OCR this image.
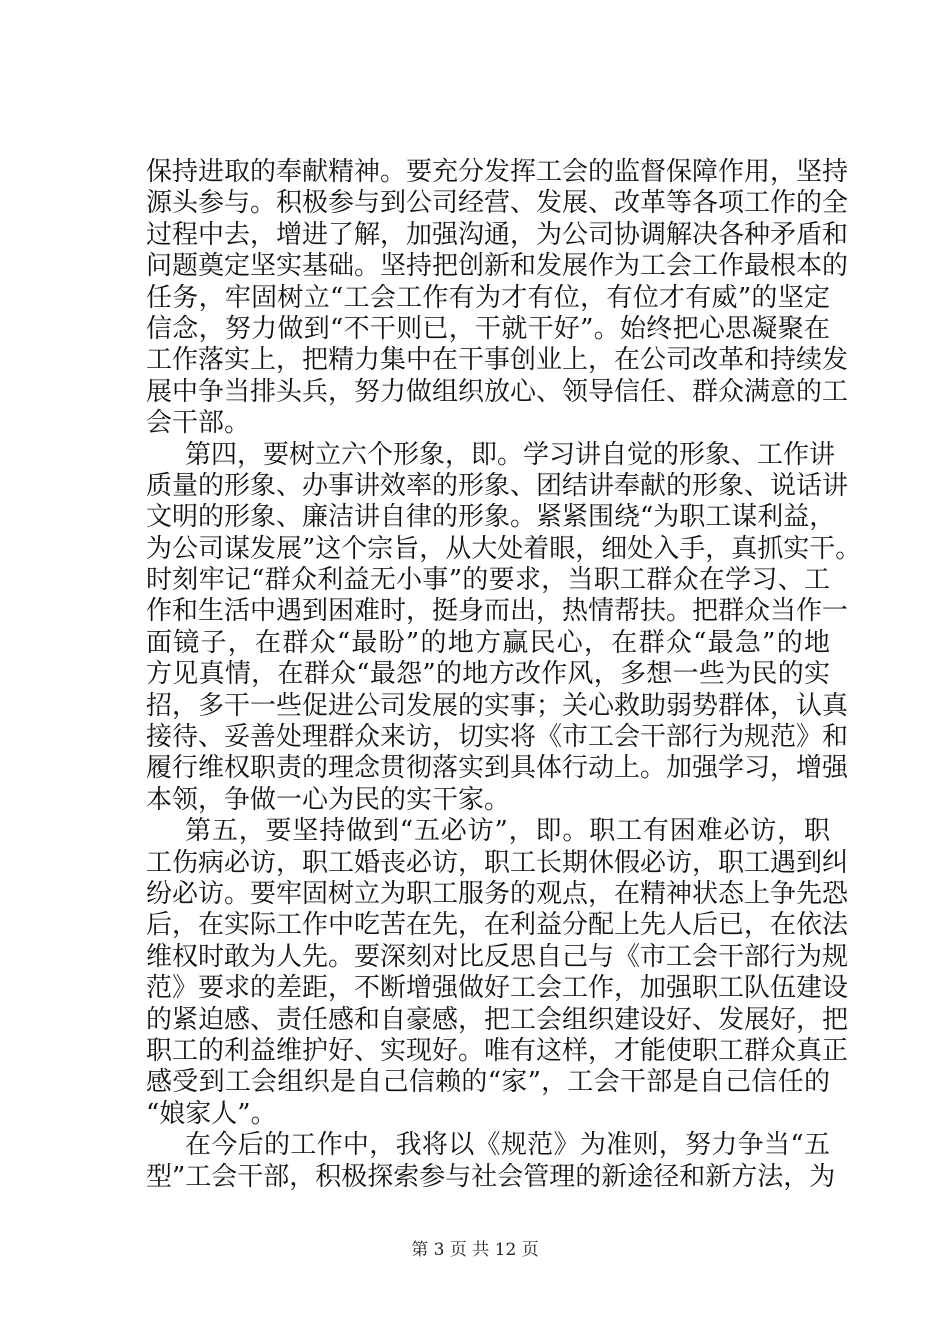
保持进取的奉献精神。要充分发挥工会的监督保障作用，坚持
源头参与。积极参与到公司经营、发展、改革等各项工作的全
过程中去，增进了解，加强沟通，为公司协调解决各种矛盾和
问题奠定坚实基础。坚持把创新和发展作为工会工作最根本的
任务，牢固树立“工会工作有为才有位，有位才有威”的坚定
信念，努力做到“不干则已，干就干好”。始终把心思凝聚在
工作落实上，把精力集中在干事创业上，在公司改革和持续发
展中争当排头兵，努力做组织放心、领导信任、群众满意的工
会干部。
第四，要树立六个形象，即。学习讲自觉的形象、工作讲
质量的形象、办事讲效率的形象、团结讲奉献的形象、说话讲
文明的形象、廉洁讲自律的形象。紧紧围绕“为职工谋利益，
为公司谋发展”这个宗旨，从大处着眼，细处入手，真抓实干。
时刻牢记“群众利益无小事”的要求，当职工群众在学习、工
作和生活中遇到困难时，挺身而出，热情帮扶。把群众当作一
面镜子，在群众“最盼”的地方赢民心，在群众“最急”的地
方见真情，在群众“最怨”的地方改作风，多想一些为民的实
招，多干一些促进公司发展的实事；关心救助弱势群体，认真
接待、妥善处理群众来访，切实将《市工会干部行为规范》和
履行维权职责的理念贯彻落实到具体行动上。加强学习，增强
本领，争做一心为民的实干家。
第五，要坚持做到“五必访”，即。职工有困难必访，职
工伤病必访，职工婚丧必访，职工长期休假必访，职工遇到纠
纷必访。要牢固树立为职工服务的观点，在精神状态上争先恐
后，在实际工作中吃苦在先，在利益分配上先人后已，在依法
维权时敢为人先。要深刻对比反思自己与《市工会干部行为规
范》要求的差距，不断增强做好工会工作，加强职工队伍建设
的紧迫感、责任感和自豪感，把工会组织建设好、发展好，把
职工的利益维护好、实现好。唯有这样，才能使职工群众真正
感受到工会组织是自己信赖的“家”，工会干部是自己信任的
“娘家人”。
在今后的工作中，我将以《规范》为准则，努力争当“五
型”工会干部，积极探索参与社会管理的新途径和新方法，为
第 3 页 共 12 页
